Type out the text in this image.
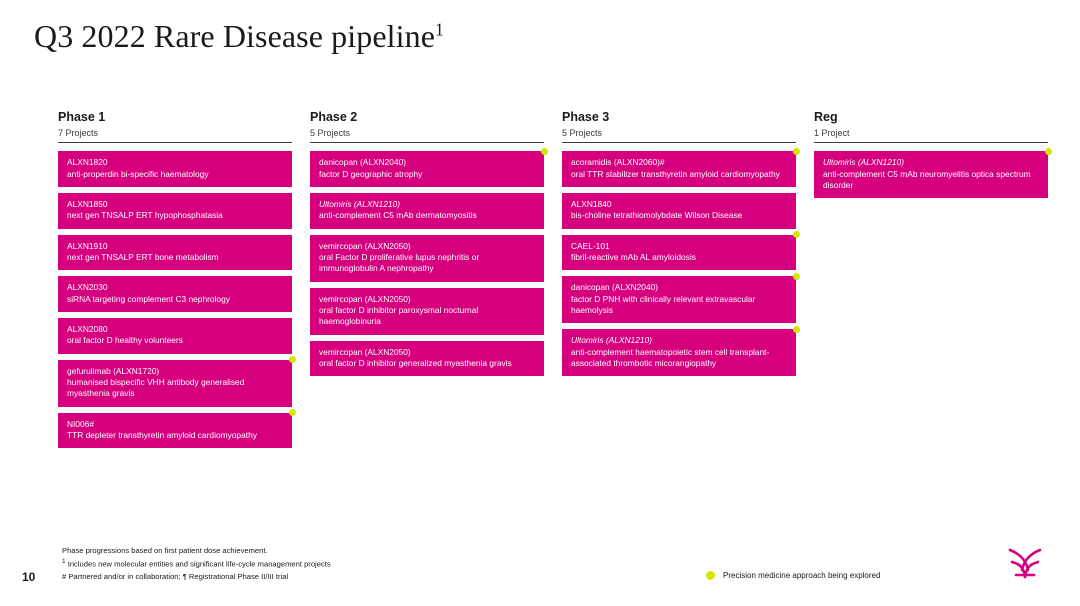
Q3 2022 Rare Disease pipeline$^1$
Phase 1
7 Projects

ALXN1820

anti-properdin bi-specific haematology

ALXN1850

next gen TNSALP ERT hypophosphatasia

ALXN1910

next gen TNSALP ERT bone metabolism

ALXN2030

siRNA targeting complement C3 nephrology

ALXN2080

oral factor D healthy volunteers

gefurulimab (ALXN1720)

humanised bispecific VHH antibody generalised myasthenia gravis

NI006#

TTR depleter transthyretin amyloid cardiomyopathy

Phase 2
5 Projects

danicopan (ALXN2040)

factor D geographic atrophy

Ultomiris (ALXN1210)

anti-complement C5 mAb dermatomyositis

vemircopan (ALXN2050)

oral Factor D proliferative lupus nephritis or immunoglobulin A nephropathy

vemircopan (ALXN2050)

oral factor D inhibitor paroxysmal nocturnal haemoglobinuria

vemircopan (ALXN2050)

oral factor D inhibitor generalized myasthenia gravis

Phase 3
5 Projects

acoramidis (ALXN2060)#

oral TTR stabilizer transthyretin amyloid cardiomyopathy

ALXN1840

bis-choline tetrathiomolybdate Wilson Disease

CAEL-101

fibril-reactive mAb AL amyloidosis

danicopan (ALXN2040)

factor D PNH with clinically relevant extravascular haemolysis

Ultomiris (ALXN1210)

anti-complement haematopoietic stem cell transplant-associated thrombotic micorangiopathy

Reg
1 Project

Ultomiris (ALXN1210)

anti-complement C5 mAb neuromyelitis optica spectrum disorder

10
Phase progressions based on first patient dose achievement.
$^1$ Includes new molecular entities and significant life-cycle management projects
# Partnered and/or in collaboration; ¶ Registrational Phase II/III trial	Precision medicine approach being explored
